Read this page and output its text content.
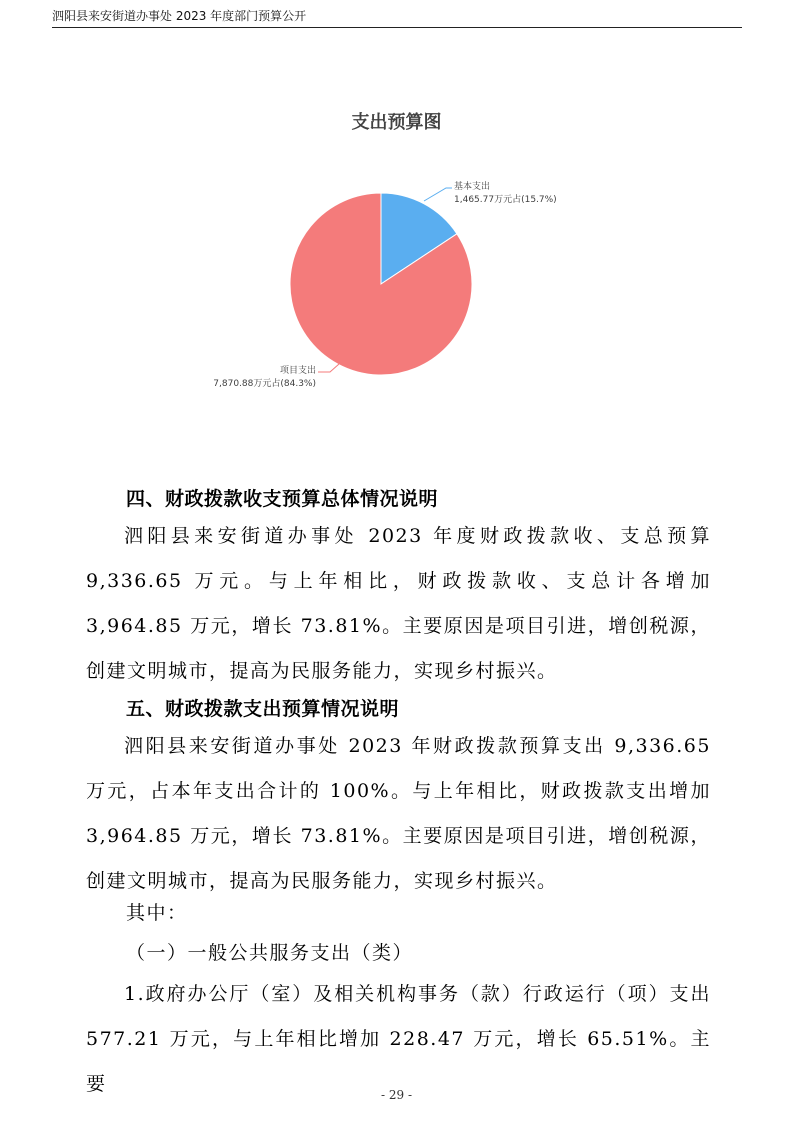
泗阳县来安街道办事处 2023 年度部门预算公开
支出预算图
基本支出
1,465.77万元占(15.7%)
项目支出
7,870.88万元占(84.3%)
四、财政拨款收支预算总体情况说明
泗阳县来安街道办事处 2023 年度财政拨款收、支总预算 9,336.65 万元。与上年相比，财政拨款收、支总计各增加 3,964.85 万元，增长 73.81%。主要原因是项目引进，增创税源，创建文明城市，提高为民服务能力，实现乡村振兴。
五、财政拨款支出预算情况说明
泗阳县来安街道办事处 2023 年财政拨款预算支出 9,336.65 万元，占本年支出合计的 100%。与上年相比，财政拨款支出增加 3,964.85 万元，增长 73.81%。主要原因是项目引进，增创税源，创建文明城市，提高为民服务能力，实现乡村振兴。
其中：
（一）一般公共服务支出（类）
1.政府办公厅（室）及相关机构事务（款）行政运行（项）支出 577.21 万元，与上年相比增加 228.47 万元，增长 65.51%。主要	- 29 -
